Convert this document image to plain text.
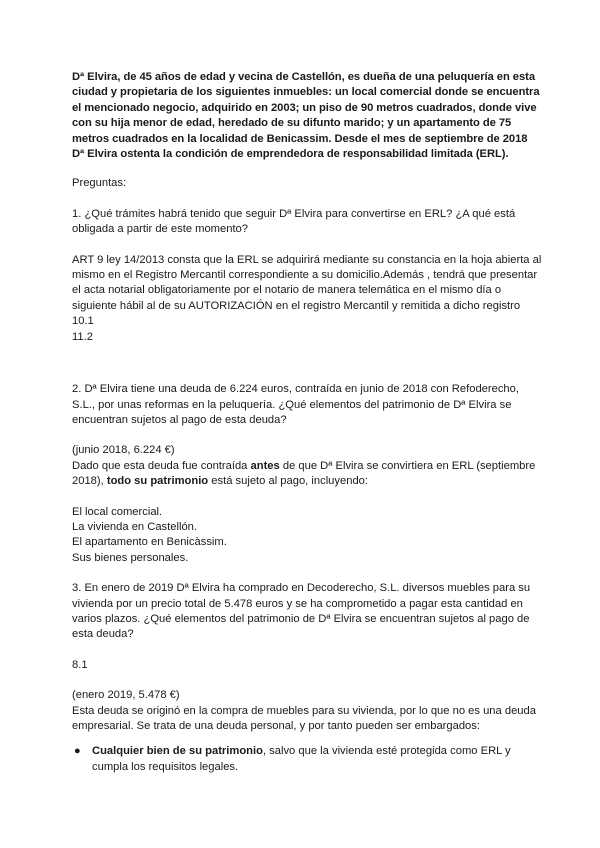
Dª Elvira, de 45 años de edad y vecina de Castellón, es dueña de una peluquería en esta ciudad y propietaria de los siguientes inmuebles: un local comercial donde se encuentra el mencionado negocio, adquirido en 2003; un piso de 90 metros cuadrados, donde vive con su hija menor de edad, heredado de su difunto marido; y un apartamento de 75 metros cuadrados en la localidad de Benicassim. Desde el mes de septiembre de 2018 Dª Elvira ostenta la condición de emprendedora de responsabilidad limitada (ERL).

Preguntas:

1. ¿Qué trámites habrá tenido que seguir Dª Elvira para convertirse en ERL? ¿A qué está obligada a partir de este momento?

ART 9 ley 14/2013 consta que la ERL se adquirirá mediante su constancia en la hoja abierta al mismo en el Registro Mercantil correspondiente a su domicilio.Además , tendrá que presentar el acta notarial obligatoriamente por el notario de manera telemática en el mismo día o siguiente hábil al de su AUTORIZACIÓN en el registro Mercantil y remitida a dicho registro

10.1

11.2

2. Dª Elvira tiene una deuda de 6.224 euros, contraída en junio de 2018 con Refoderecho, S.L., por unas reformas en la peluquería. ¿Qué elementos del patrimonio de Dª Elvira se encuentran sujetos al pago de esta deuda?

(junio 2018, 6.224 €)

Dado que esta deuda fue contraída antes de que Dª Elvira se convirtiera en ERL (septiembre 2018), todo su patrimonio está sujeto al pago, incluyendo:

El local comercial.

La vivienda en Castellón.

El apartamento en Benicàssim.

Sus bienes personales.

3. En enero de 2019 Dª Elvira ha comprado en Decoderecho, S.L. diversos muebles para su vivienda por un precio total de 5.478 euros y se ha comprometido a pagar esta cantidad en varios plazos. ¿Qué elementos del patrimonio de Dª Elvira se encuentran sujetos al pago de esta deuda?

8.1

(enero 2019, 5.478 €)

Esta deuda se originó en la compra de muebles para su vivienda, por lo que no es una deuda empresarial. Se trata de una deuda personal, y por tanto pueden ser embargados:

● Cualquier bien de su patrimonio, salvo que la vivienda esté protegida como ERL y cumpla los requisitos legales.
